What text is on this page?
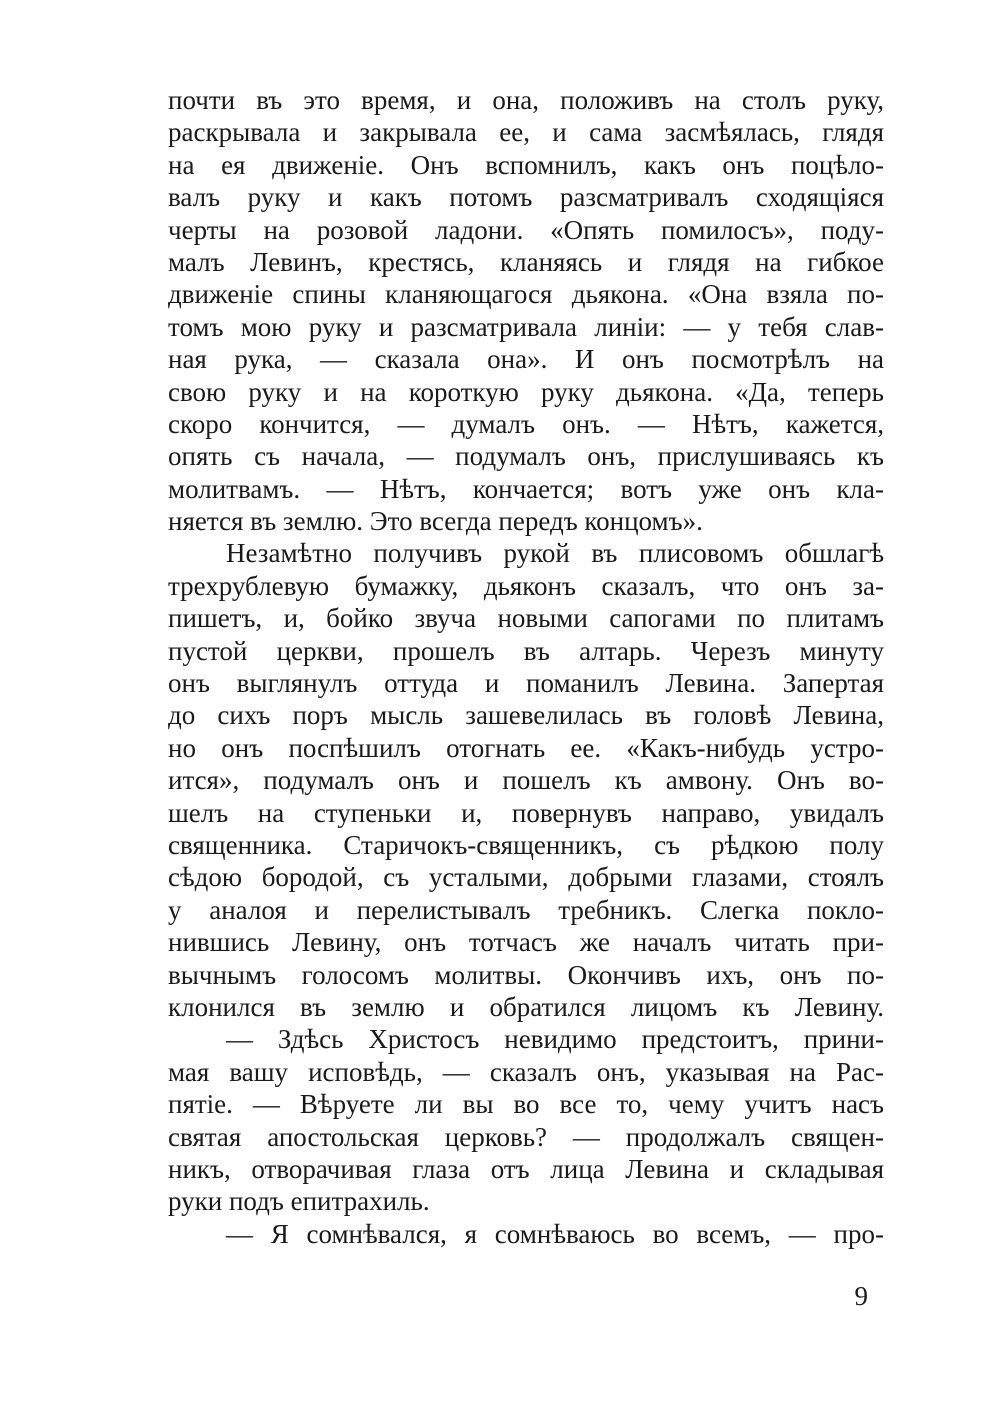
почти въ это время, и она, положивъ на столъ руку,
раскрывала и закрывала ее, и сама засмѣялась, глядя
на ея движеніе. Онъ вспомнилъ, какъ онъ поцѣло-
валъ руку и какъ потомъ разсматривалъ сходящіяся
черты на розовой ладони. «Опять помилосъ», поду-
малъ Левинъ, крестясь, кланяясь и глядя на гибкое
движеніе спины кланяющагося дьякона. «Она взяла по-
томъ мою руку и разсматривала линіи: — у тебя слав-
ная рука, — сказала она». И онъ посмотрѣлъ на
свою руку и на короткую руку дьякона. «Да, теперь
скоро кончится, — думалъ онъ. — Нѣтъ, кажется,
опять съ начала, — подумалъ онъ, прислушиваясь къ
молитвамъ. — Нѣтъ, кончается; вотъ уже онъ кла-
няется въ землю. Это всегда передъ концомъ».
Незамѣтно получивъ рукой въ плисовомъ обшлагѣ
трехрублевую бумажку, дьяконъ сказалъ, что онъ за-
пишетъ, и, бойко звуча новыми сапогами по плитамъ
пустой церкви, прошелъ въ алтарь. Черезъ минуту
онъ выглянулъ оттуда и поманилъ Левина. Запертая
до сихъ поръ мысль зашевелилась въ головѣ Левина,
но онъ поспѣшилъ отогнать ее. «Какъ-нибудь устро-
ится», подумалъ онъ и пошелъ къ амвону. Онъ во-
шелъ на ступеньки и, повернувъ направо, увидалъ
священника. Старичокъ-священникъ, съ рѣдкою полу
сѣдою бородой, съ усталыми, добрыми глазами, стоялъ
у аналоя и перелистывалъ требникъ. Слегка покло-
нившись Левину, онъ тотчасъ же началъ читать при-
вычнымъ голосомъ молитвы. Окончивъ ихъ, онъ по-
клонился въ землю и обратился лицомъ къ Левину.
— Здѣсь Христосъ невидимо предстоитъ, прини-
мая вашу исповѣдь, — сказалъ онъ, указывая на Рас-
пятіе. — Вѣруете ли вы во все то, чему учитъ насъ
святая апостольская церковь? — продолжалъ священ-
никъ, отворачивая глаза отъ лица Левина и складывая
руки подъ епитрахиль.
— Я сомнѣвался, я сомнѣваюсь во всемъ, — про-
9
